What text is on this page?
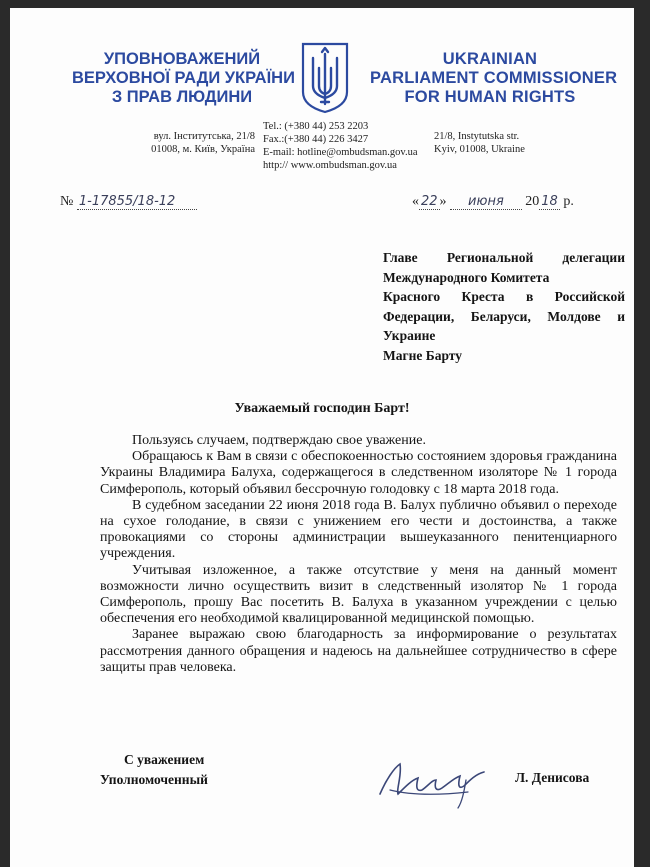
УПОВНОВАЖЕНИЙ
ВЕРХОВНОЇ РАДИ УКРАЇНИ
З ПРАВ ЛЮДИНИ
UKRAINIAN
PARLIAMENT COMMISSIONER
FOR HUMAN RIGHTS
вул. Інститутська, 21/8
01008, м. Київ, Україна
Tel.: (+380 44) 253 2203
Fax.:(+380 44) 226 3427
E-mail: hotline@ombudsman.gov.ua
http:// www.ombudsman.gov.ua
21/8, Instytutska str.
Kyiv, 01008, Ukraine
№ 1-17855/18-12	« 22 » июня 20 18 р.
Главе Региональной делегации
Международного Комитета
Красного Креста в Российской
Федерации, Беларуси, Молдове и
Украине
Магне Барту
Уважаемый господин Барт!

Пользуясь случаем, подтверждаю свое уважение.

Обращаюсь к Вам в связи с обеспокоенностью состоянием здоровья гражданина Украины Владимира Балуха, содержащегося в следственном изоляторе № 1 города Симферополь, который объявил бессрочную голодовку с 18 марта 2018 года.

В судебном заседании 22 июня 2018 года В. Балух публично объявил о переходе на сухое голодание, в связи с унижением его чести и достоинства, а также провокациями со стороны администрации вышеуказанного пенитенциарного учреждения.

Учитывая изложенное, а также отсутствие у меня на данный момент возможности лично осуществить визит в следственный изолятор № 1 города Симферополь, прошу Вас посетить В. Балуха в указанном учреждении с целью обеспечения его необходимой квалицированной медицинской помощью.

Заранее выражаю свою благодарность за информирование о результатах рассмотрения данного обращения и надеюсь на дальнейшее сотрудничество в сфере защиты прав человека.

С уважением
Уполномоченный	Л. Денисова
